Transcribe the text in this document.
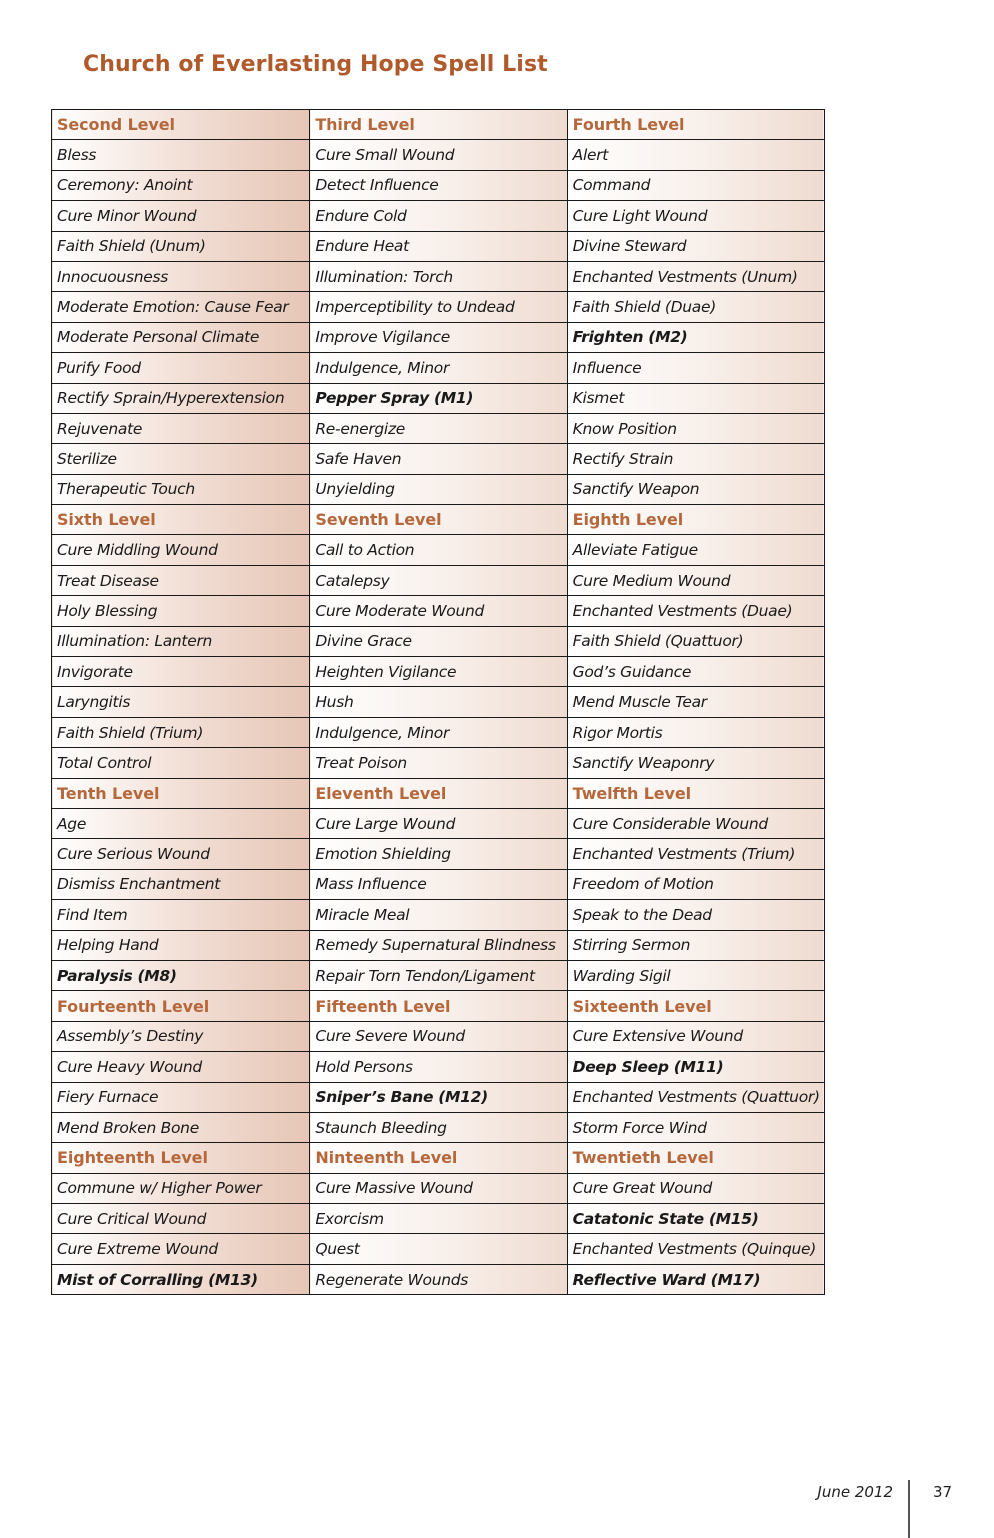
Church of Everlasting Hope Spell List
Second Level	Third Level	Fourth Level
Bless	Cure Small Wound	Alert
Ceremony: Anoint	Detect Influence	Command
Cure Minor Wound	Endure Cold	Cure Light Wound
Faith Shield (Unum)	Endure Heat	Divine Steward
Innocuousness	Illumination: Torch	Enchanted Vestments (Unum)
Moderate Emotion: Cause Fear	Imperceptibility to Undead	Faith Shield (Duae)
Moderate Personal Climate	Improve Vigilance	Frighten (M2)
Purify Food	Indulgence, Minor	Influence
Rectify Sprain/Hyperextension	Pepper Spray (M1)	Kismet
Rejuvenate	Re-energize	Know Position
Sterilize	Safe Haven	Rectify Strain
Therapeutic Touch	Unyielding	Sanctify Weapon
Sixth Level	Seventh Level	Eighth Level
Cure Middling Wound	Call to Action	Alleviate Fatigue
Treat Disease	Catalepsy	Cure Medium Wound
Holy Blessing	Cure Moderate Wound	Enchanted Vestments (Duae)
Illumination: Lantern	Divine Grace	Faith Shield (Quattuor)
Invigorate	Heighten Vigilance	God’s Guidance
Laryngitis	Hush	Mend Muscle Tear
Faith Shield (Trium)	Indulgence, Minor	Rigor Mortis
Total Control	Treat Poison	Sanctify Weaponry
Tenth Level	Eleventh Level	Twelfth Level
Age	Cure Large Wound	Cure Considerable Wound
Cure Serious Wound	Emotion Shielding	Enchanted Vestments (Trium)
Dismiss Enchantment	Mass Influence	Freedom of Motion
Find Item	Miracle Meal	Speak to the Dead
Helping Hand	Remedy Supernatural Blindness	Stirring Sermon
Paralysis (M8)	Repair Torn Tendon/Ligament	Warding Sigil
Fourteenth Level	Fifteenth Level	Sixteenth Level
Assembly’s Destiny	Cure Severe Wound	Cure Extensive Wound
Cure Heavy Wound	Hold Persons	Deep Sleep (M11)
Fiery Furnace	Sniper’s Bane (M12)	Enchanted Vestments (Quattuor)
Mend Broken Bone	Staunch Bleeding	Storm Force Wind
Eighteenth Level	Ninteenth Level	Twentieth Level
Commune w/ Higher Power	Cure Massive Wound	Cure Great Wound
Cure Critical Wound	Exorcism	Catatonic State (M15)
Cure Extreme Wound	Quest	Enchanted Vestments (Quinque)
Mist of Corralling (M13)	Regenerate Wounds	Reflective Ward (M17)
June 2012	37
